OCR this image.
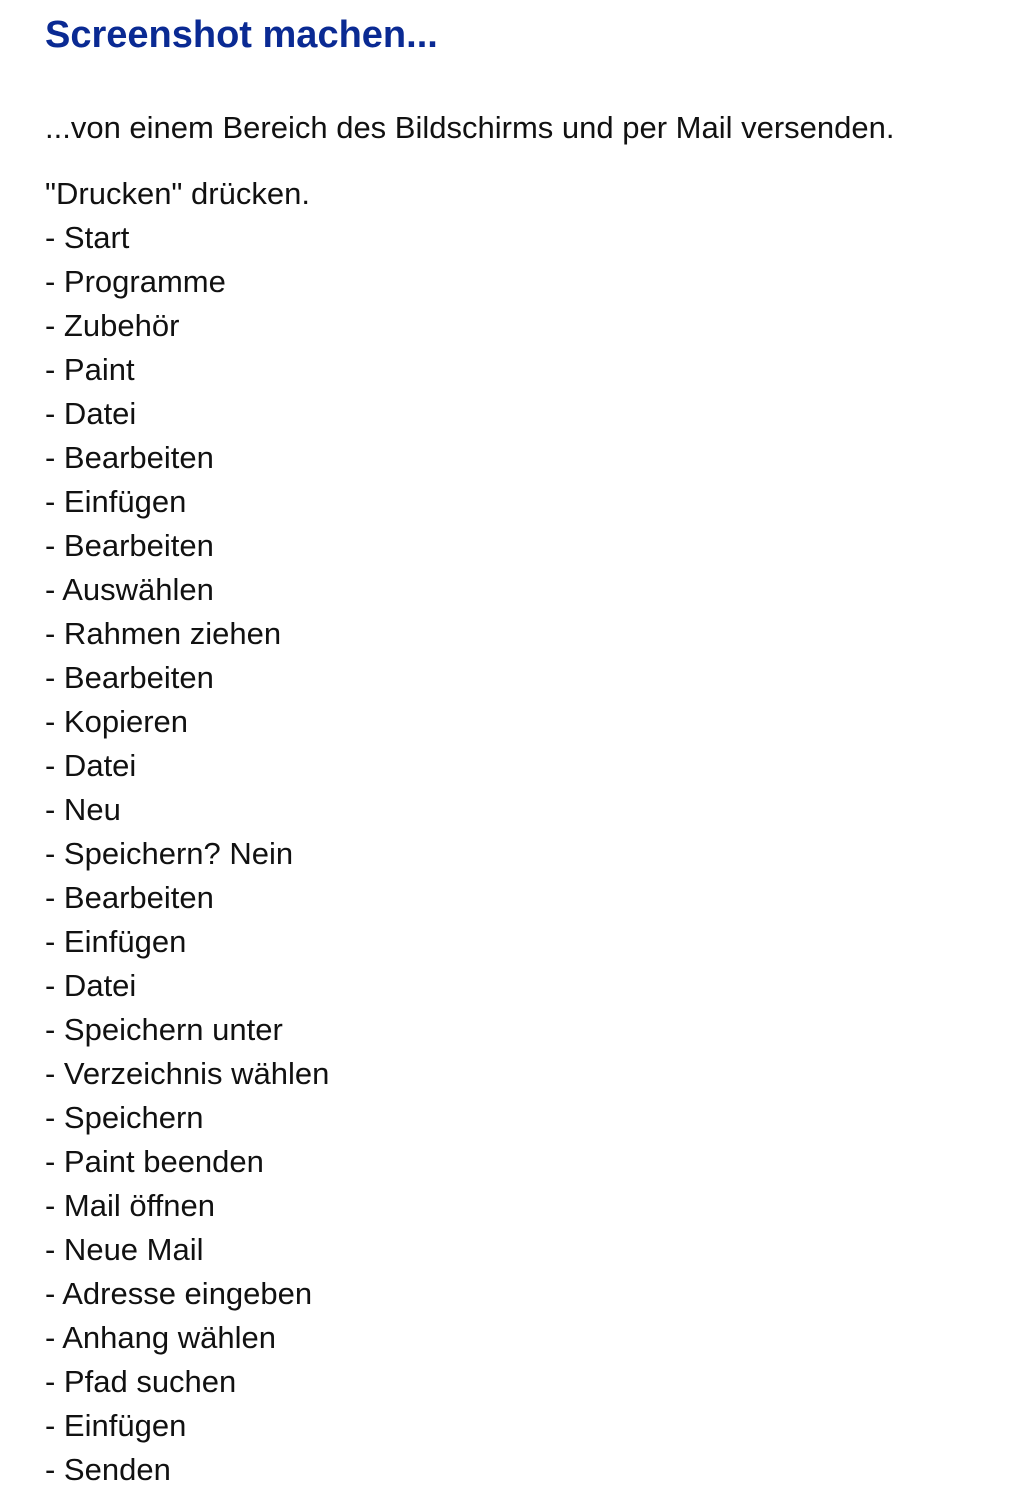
Screenshot machen...
...von einem Bereich des Bildschirms und per Mail versenden.
"Drucken" drücken.
- Start
- Programme
- Zubehör
- Paint
- Datei
- Bearbeiten
- Einfügen
- Bearbeiten
- Auswählen
- Rahmen ziehen
- Bearbeiten
- Kopieren
- Datei
- Neu
- Speichern? Nein
- Bearbeiten
- Einfügen
- Datei
- Speichern unter
- Verzeichnis wählen
- Speichern
- Paint beenden
- Mail öffnen
- Neue Mail
- Adresse eingeben
- Anhang wählen
- Pfad suchen
- Einfügen
- Senden
